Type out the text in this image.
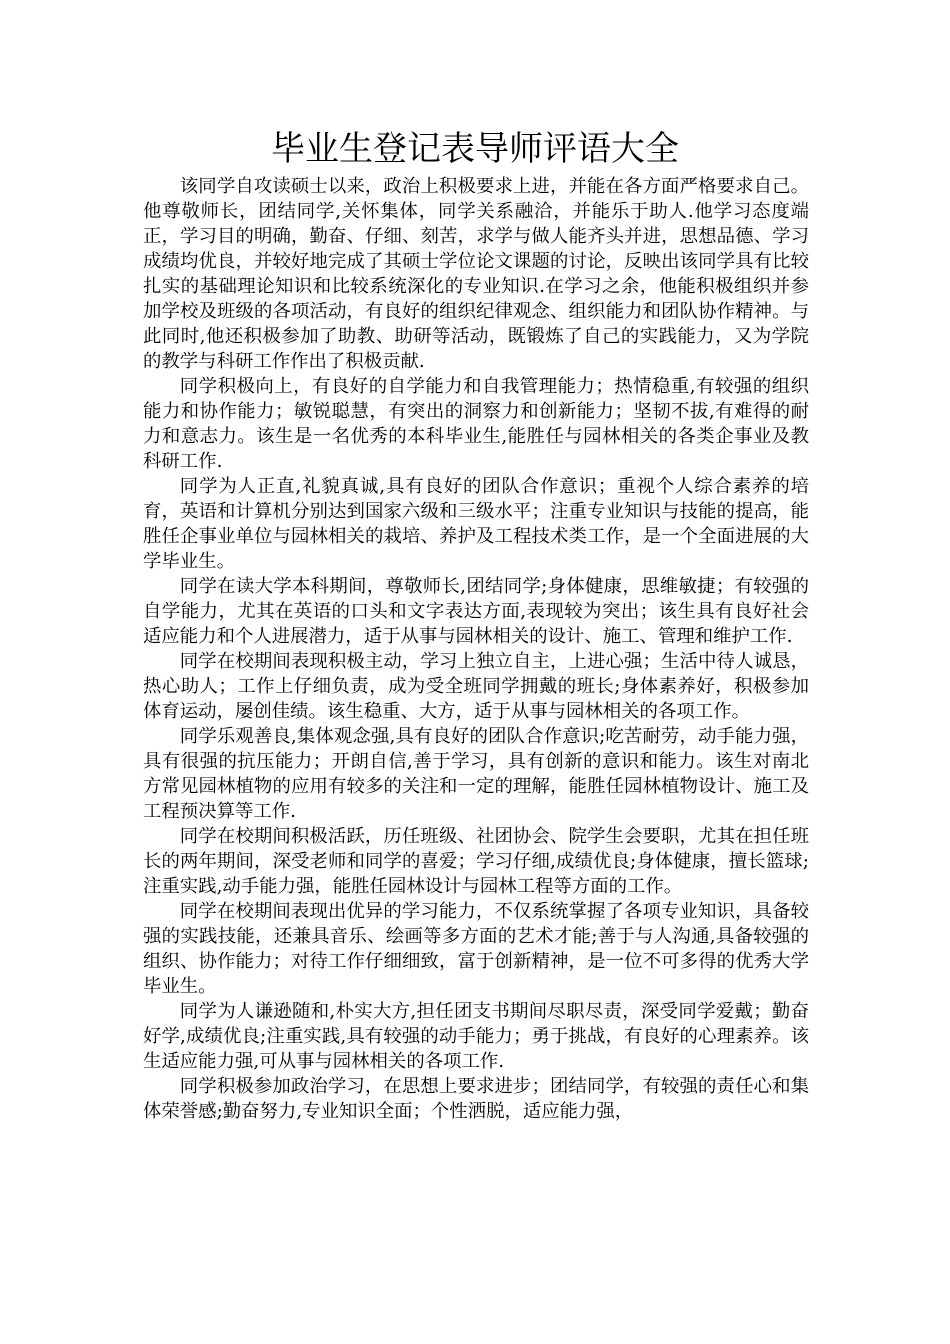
毕业生登记表导师评语大全

该同学自攻读硕士以来，政治上积极要求上进，并能在各方面严格要求自己。他尊敬师长，团结同学,关怀集体，同学关系融洽，并能乐于助人.他学习态度端正，学习目的明确，勤奋、仔细、刻苦，求学与做人能齐头并进，思想品德、学习成绩均优良，并较好地完成了其硕士学位论文课题的讨论，反映出该同学具有比较扎实的基础理论知识和比较系统深化的专业知识.在学习之余，他能积极组织并参加学校及班级的各项活动，有良好的组织纪律观念、组织能力和团队协作精神。与此同时,他还积极参加了助教、助研等活动，既锻炼了自己的实践能力，又为学院的教学与科研工作作出了积极贡献.

同学积极向上，有良好的自学能力和自我管理能力；热情稳重,有较强的组织能力和协作能力；敏锐聪慧，有突出的洞察力和创新能力；坚韧不拔,有难得的耐力和意志力。该生是一名优秀的本科毕业生,能胜任与园林相关的各类企事业及教科研工作.

同学为人正直,礼貌真诚,具有良好的团队合作意识；重视个人综合素养的培育，英语和计算机分别达到国家六级和三级水平；注重专业知识与技能的提高，能胜任企事业单位与园林相关的栽培、养护及工程技术类工作，是一个全面进展的大学毕业生。

同学在读大学本科期间，尊敬师长,团结同学;身体健康，思维敏捷；有较强的自学能力，尤其在英语的口头和文字表达方面,表现较为突出；该生具有良好社会适应能力和个人进展潜力，适于从事与园林相关的设计、施工、管理和维护工作.

同学在校期间表现积极主动，学习上独立自主，上进心强；生活中待人诚恳，热心助人；工作上仔细负责，成为受全班同学拥戴的班长;身体素养好，积极参加体育运动，屡创佳绩。该生稳重、大方，适于从事与园林相关的各项工作。

同学乐观善良,集体观念强,具有良好的团队合作意识;吃苦耐劳，动手能力强，具有很强的抗压能力；开朗自信,善于学习，具有创新的意识和能力。该生对南北方常见园林植物的应用有较多的关注和一定的理解，能胜任园林植物设计、施工及工程预决算等工作.

同学在校期间积极活跃，历任班级、社团协会、院学生会要职，尤其在担任班长的两年期间，深受老师和同学的喜爱；学习仔细,成绩优良;身体健康，擅长篮球;注重实践,动手能力强，能胜任园林设计与园林工程等方面的工作。

同学在校期间表现出优异的学习能力，不仅系统掌握了各项专业知识，具备较强的实践技能，还兼具音乐、绘画等多方面的艺术才能;善于与人沟通,具备较强的组织、协作能力；对待工作仔细细致，富于创新精神，是一位不可多得的优秀大学毕业生。

同学为人谦逊随和,朴实大方,担任团支书期间尽职尽责，深受同学爱戴；勤奋好学,成绩优良;注重实践,具有较强的动手能力；勇于挑战，有良好的心理素养。该生适应能力强,可从事与园林相关的各项工作.

同学积极参加政治学习，在思想上要求进步；团结同学，有较强的责任心和集体荣誉感;勤奋努力,专业知识全面；个性洒脱，适应能力强，
